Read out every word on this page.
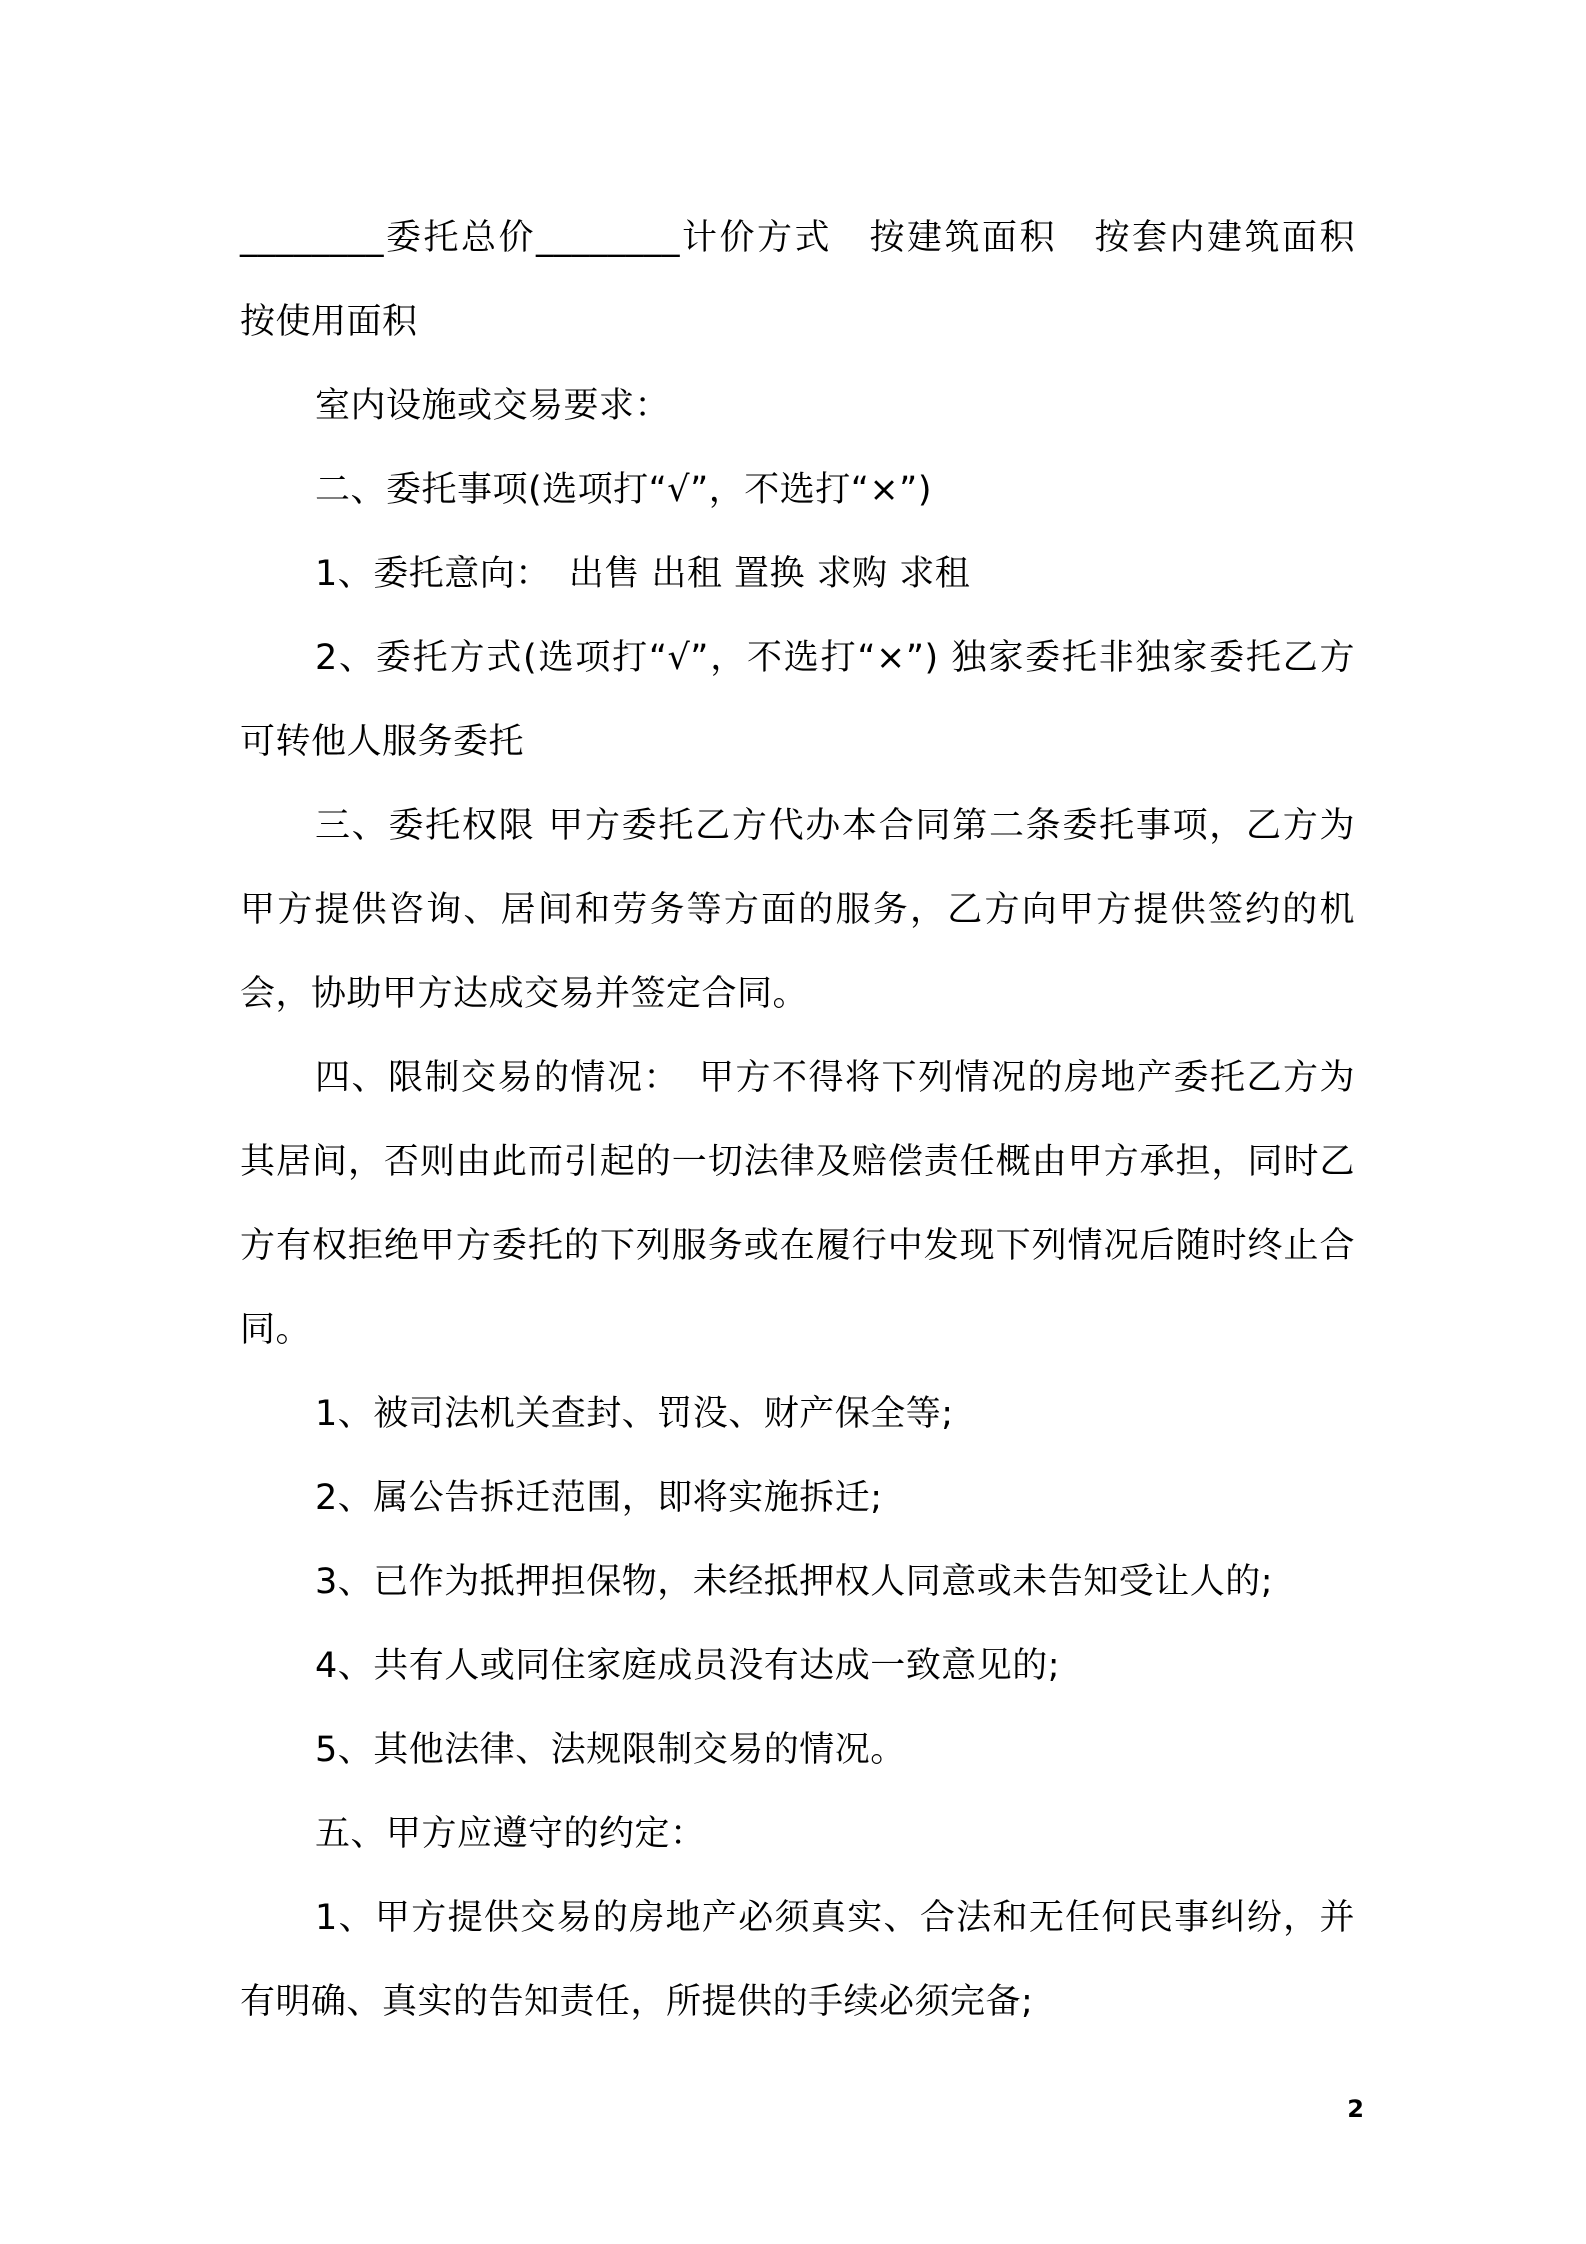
________委托总价________计价方式　按建筑面积　按套内建筑面积　按使用面积

室内设施或交易要求：

二、委托事项(选项打“√”，不选打“×”)

1、委托意向：　出售 出租 置换 求购 求租

2、委托方式(选项打“√”，不选打“×”) 独家委托非独家委托乙方可转他人服务委托

三、委托权限 甲方委托乙方代办本合同第二条委托事项，乙方为甲方提供咨询、居间和劳务等方面的服务，乙方向甲方提供签约的机会，协助甲方达成交易并签定合同。

四、限制交易的情况：　甲方不得将下列情况的房地产委托乙方为其居间，否则由此而引起的一切法律及赔偿责任概由甲方承担，同时乙方有权拒绝甲方委托的下列服务或在履行中发现下列情况后随时终止合同。

1、被司法机关查封、罚没、财产保全等;

2、属公告拆迁范围，即将实施拆迁;

3、已作为抵押担保物，未经抵押权人同意或未告知受让人的;

4、共有人或同住家庭成员没有达成一致意见的;

5、其他法律、法规限制交易的情况。

五、甲方应遵守的约定：

1、甲方提供交易的房地产必须真实、合法和无任何民事纠纷，并有明确、真实的告知责任，所提供的手续必须完备;

2
